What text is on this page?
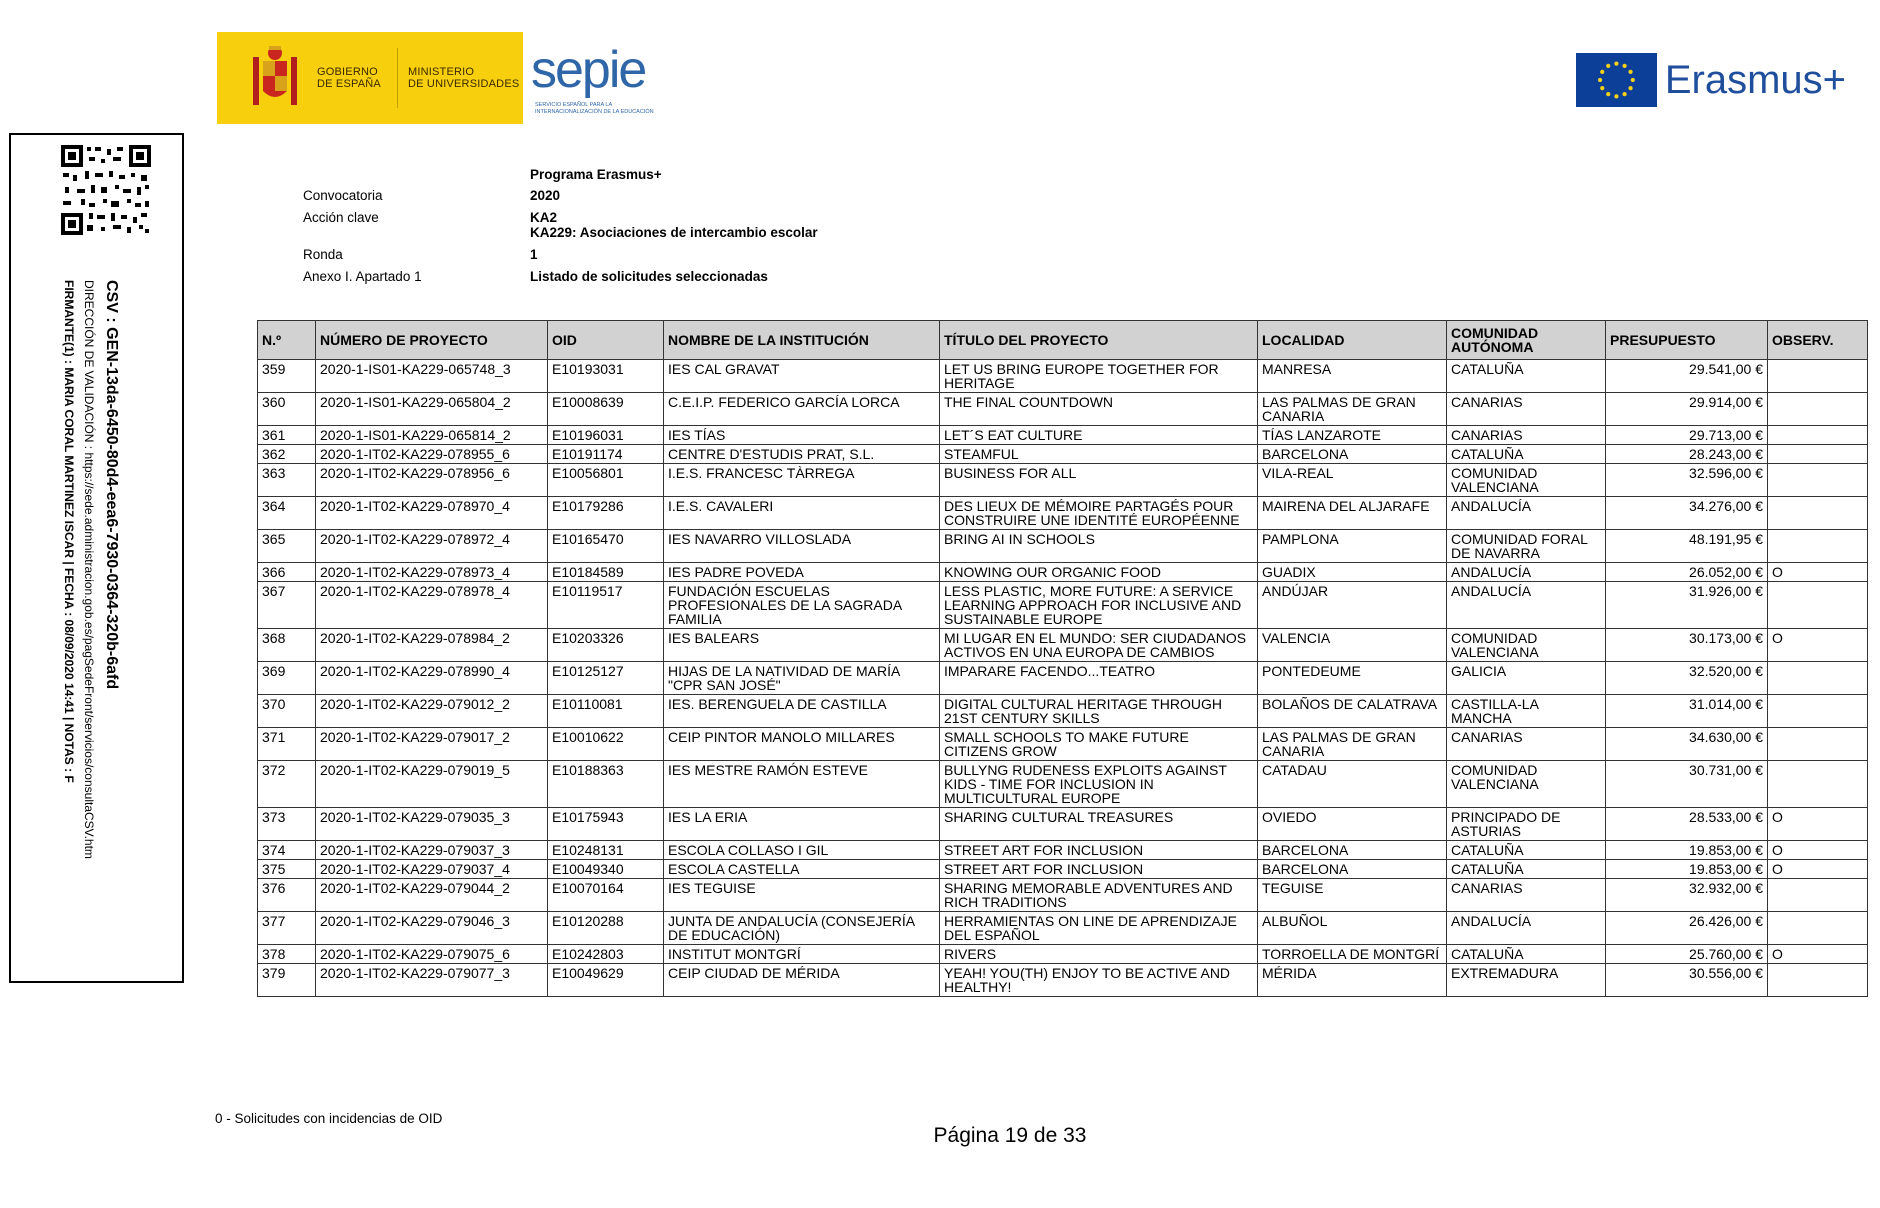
GOBIERNO
DE ESPAÑA
MINISTERIO
DE UNIVERSIDADES sepie
SERVICIO ESPAÑOL PARA LA INTERNACIONALIZACIÓN DE LA EDUCACIÓN
Erasmus+
CSV : GEN-13da-6450-80d4-eea6-7930-0364-320b-6afd
DIRECCIÓN DE VALIDACIÓN : https://sede.administracion.gob.es/pagSedeFront/servicios/consultaCSV.htm
FIRMANTE(1) : MARIA CORAL MARTINEZ ISCAR | FECHA : 08/09/2020 14:41 | NOTAS : F
Programa Erasmus+
Convocatoria	2020
Acción clave	KA2
KA229: Asociaciones de intercambio escolar
Ronda	1
Anexo I. Apartado 1	Listado de solicitudes seleccionadas
N.º	NÚMERO DE PROYECTO	OID	NOMBRE DE LA INSTITUCIÓN	TÍTULO DEL PROYECTO	LOCALIDAD	COMUNIDAD AUTÓNOMA	PRESUPUESTO	OBSERV.
359	2020-1-IS01-KA229-065748_3	E10193031	IES CAL GRAVAT	LET US BRING EUROPE TOGETHER FOR HERITAGE	MANRESA	CATALUÑA	29.541,00 €	
360	2020-1-IS01-KA229-065804_2	E10008639	C.E.I.P. FEDERICO GARCÍA LORCA	THE FINAL COUNTDOWN	LAS PALMAS DE GRAN CANARIA	CANARIAS	29.914,00 €	
361	2020-1-IS01-KA229-065814_2	E10196031	IES TÍAS	LET´S EAT CULTURE	TÍAS LANZAROTE	CANARIAS	29.713,00 €	
362	2020-1-IT02-KA229-078955_6	E10191174	CENTRE D'ESTUDIS PRAT, S.L.	STEAMFUL	BARCELONA	CATALUÑA	28.243,00 €	
363	2020-1-IT02-KA229-078956_6	E10056801	I.E.S. FRANCESC TÀRREGA	BUSINESS FOR ALL	VILA-REAL	COMUNIDAD VALENCIANA	32.596,00 €	
364	2020-1-IT02-KA229-078970_4	E10179286	I.E.S. CAVALERI	DES LIEUX DE MÉMOIRE PARTAGÉS POUR CONSTRUIRE UNE IDENTITÉ EUROPÉENNE	MAIRENA DEL ALJARAFE	ANDALUCÍA	34.276,00 €	
365	2020-1-IT02-KA229-078972_4	E10165470	IES NAVARRO VILLOSLADA	BRING AI IN SCHOOLS	PAMPLONA	COMUNIDAD FORAL DE NAVARRA	48.191,95 €	
366	2020-1-IT02-KA229-078973_4	E10184589	IES PADRE POVEDA	KNOWING OUR ORGANIC FOOD	GUADIX	ANDALUCÍA	26.052,00 €	O
367	2020-1-IT02-KA229-078978_4	E10119517	FUNDACIÓN ESCUELAS PROFESIONALES DE LA SAGRADA FAMILIA	LESS PLASTIC, MORE FUTURE: A SERVICE LEARNING APPROACH FOR INCLUSIVE AND SUSTAINABLE EUROPE	ANDÚJAR	ANDALUCÍA	31.926,00 €	
368	2020-1-IT02-KA229-078984_2	E10203326	IES BALEARS	MI LUGAR EN EL MUNDO: SER CIUDADANOS ACTIVOS EN UNA EUROPA DE CAMBIOS	VALENCIA	COMUNIDAD VALENCIANA	30.173,00 €	O
369	2020-1-IT02-KA229-078990_4	E10125127	HIJAS DE LA NATIVIDAD DE MARÍA "CPR SAN JOSÉ"	IMPARARE FACENDO...TEATRO	PONTEDEUME	GALICIA	32.520,00 €	
370	2020-1-IT02-KA229-079012_2	E10110081	IES. BERENGUELA DE CASTILLA	DIGITAL CULTURAL HERITAGE THROUGH 21ST CENTURY SKILLS	BOLAÑOS DE CALATRAVA	CASTILLA-LA MANCHA	31.014,00 €	
371	2020-1-IT02-KA229-079017_2	E10010622	CEIP PINTOR MANOLO MILLARES	SMALL SCHOOLS TO MAKE FUTURE CITIZENS GROW	LAS PALMAS DE GRAN CANARIA	CANARIAS	34.630,00 €	
372	2020-1-IT02-KA229-079019_5	E10188363	IES MESTRE RAMÓN ESTEVE	BULLYNG RUDENESS EXPLOITS AGAINST KIDS - TIME FOR INCLUSION IN MULTICULTURAL EUROPE	CATADAU	COMUNIDAD VALENCIANA	30.731,00 €	
373	2020-1-IT02-KA229-079035_3	E10175943	IES LA ERIA	SHARING CULTURAL TREASURES	OVIEDO	PRINCIPADO DE ASTURIAS	28.533,00 €	O
374	2020-1-IT02-KA229-079037_3	E10248131	ESCOLA COLLASO I GIL	STREET ART FOR INCLUSION	BARCELONA	CATALUÑA	19.853,00 €	O
375	2020-1-IT02-KA229-079037_4	E10049340	ESCOLA CASTELLA	STREET ART FOR INCLUSION	BARCELONA	CATALUÑA	19.853,00 €	O
376	2020-1-IT02-KA229-079044_2	E10070164	IES TEGUISE	SHARING MEMORABLE ADVENTURES AND RICH TRADITIONS	TEGUISE	CANARIAS	32.932,00 €	
377	2020-1-IT02-KA229-079046_3	E10120288	JUNTA DE ANDALUCÍA (CONSEJERÍA DE EDUCACIÓN)	HERRAMIENTAS ON LINE DE APRENDIZAJE DEL ESPAÑOL	ALBUÑOL	ANDALUCÍA	26.426,00 €	
378	2020-1-IT02-KA229-079075_6	E10242803	INSTITUT MONTGRÍ	RIVERS	TORROELLA DE MONTGRÍ	CATALUÑA	25.760,00 €	O
379	2020-1-IT02-KA229-079077_3	E10049629	CEIP CIUDAD DE MÉRIDA	YEAH! YOU(TH) ENJOY TO BE ACTIVE AND HEALTHY!	MÉRIDA	EXTREMADURA	30.556,00 €	
0 - Solicitudes con incidencias de OID
Página 19 de 33
